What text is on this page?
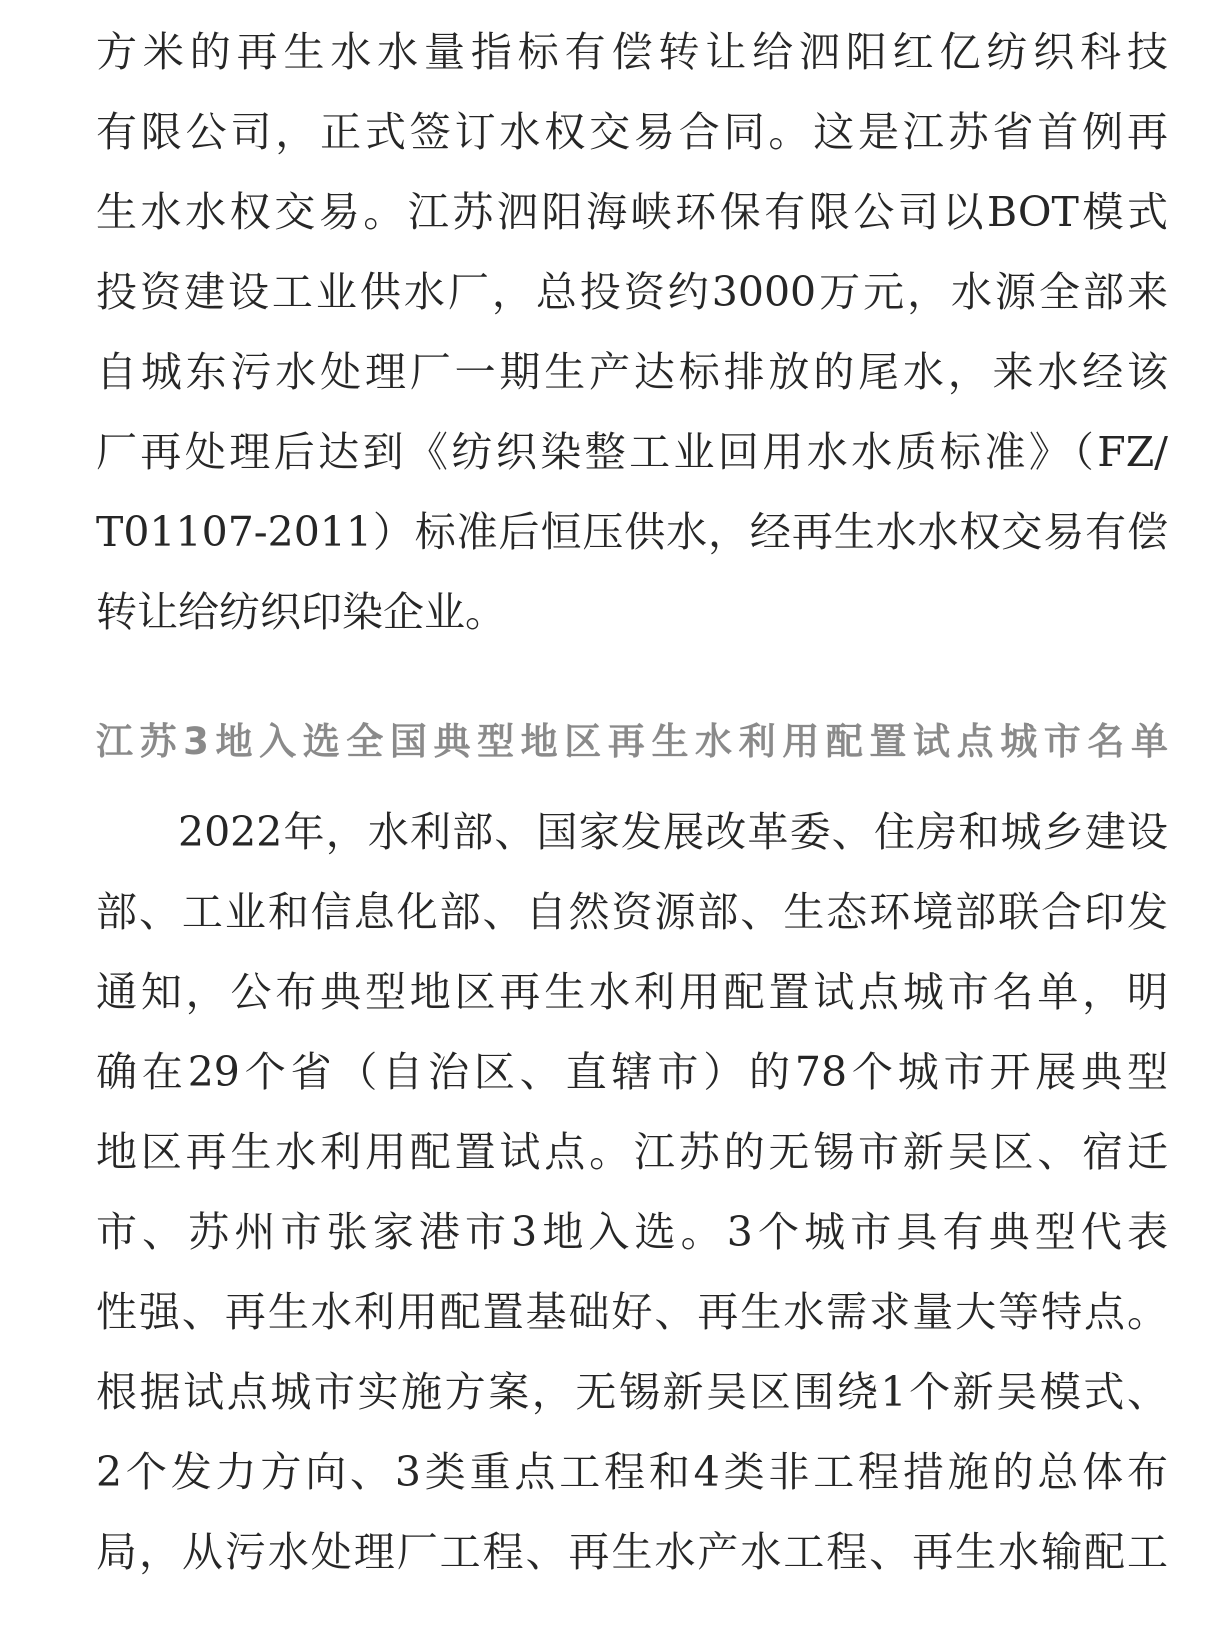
方米的再生水水量指标有偿转让给泗阳红亿纺织科技
有限公司，正式签订水权交易合同。这是江苏省首例再
生水水权交易。江苏泗阳海峡环保有限公司以BOT模式
投资建设工业供水厂，总投资约3000万元，水源全部来
自城东污水处理厂一期生产达标排放的尾水，来水经该
厂再处理后达到《纺织染整工业回用水水质标准》（FZ/
T01107-2011）标准后恒压供水，经再生水水权交易有偿
转让给纺织印染企业。
江苏3地入选全国典型地区再生水利用配置试点城市名单
2022年，水利部、国家发展改革委、住房和城乡建设
部、工业和信息化部、自然资源部、生态环境部联合印发
通知，公布典型地区再生水利用配置试点城市名单，明
确在29个省（自治区、直辖市）的78个城市开展典型
地区再生水利用配置试点。江苏的无锡市新吴区、宿迁
市、苏州市张家港市3地入选。3个城市具有典型代表
性强、再生水利用配置基础好、再生水需求量大等特点。
根据试点城市实施方案，无锡新吴区围绕1个新吴模式、
2个发力方向、3类重点工程和4类非工程措施的总体布
局，从污水处理厂工程、再生水产水工程、再生水输配工
